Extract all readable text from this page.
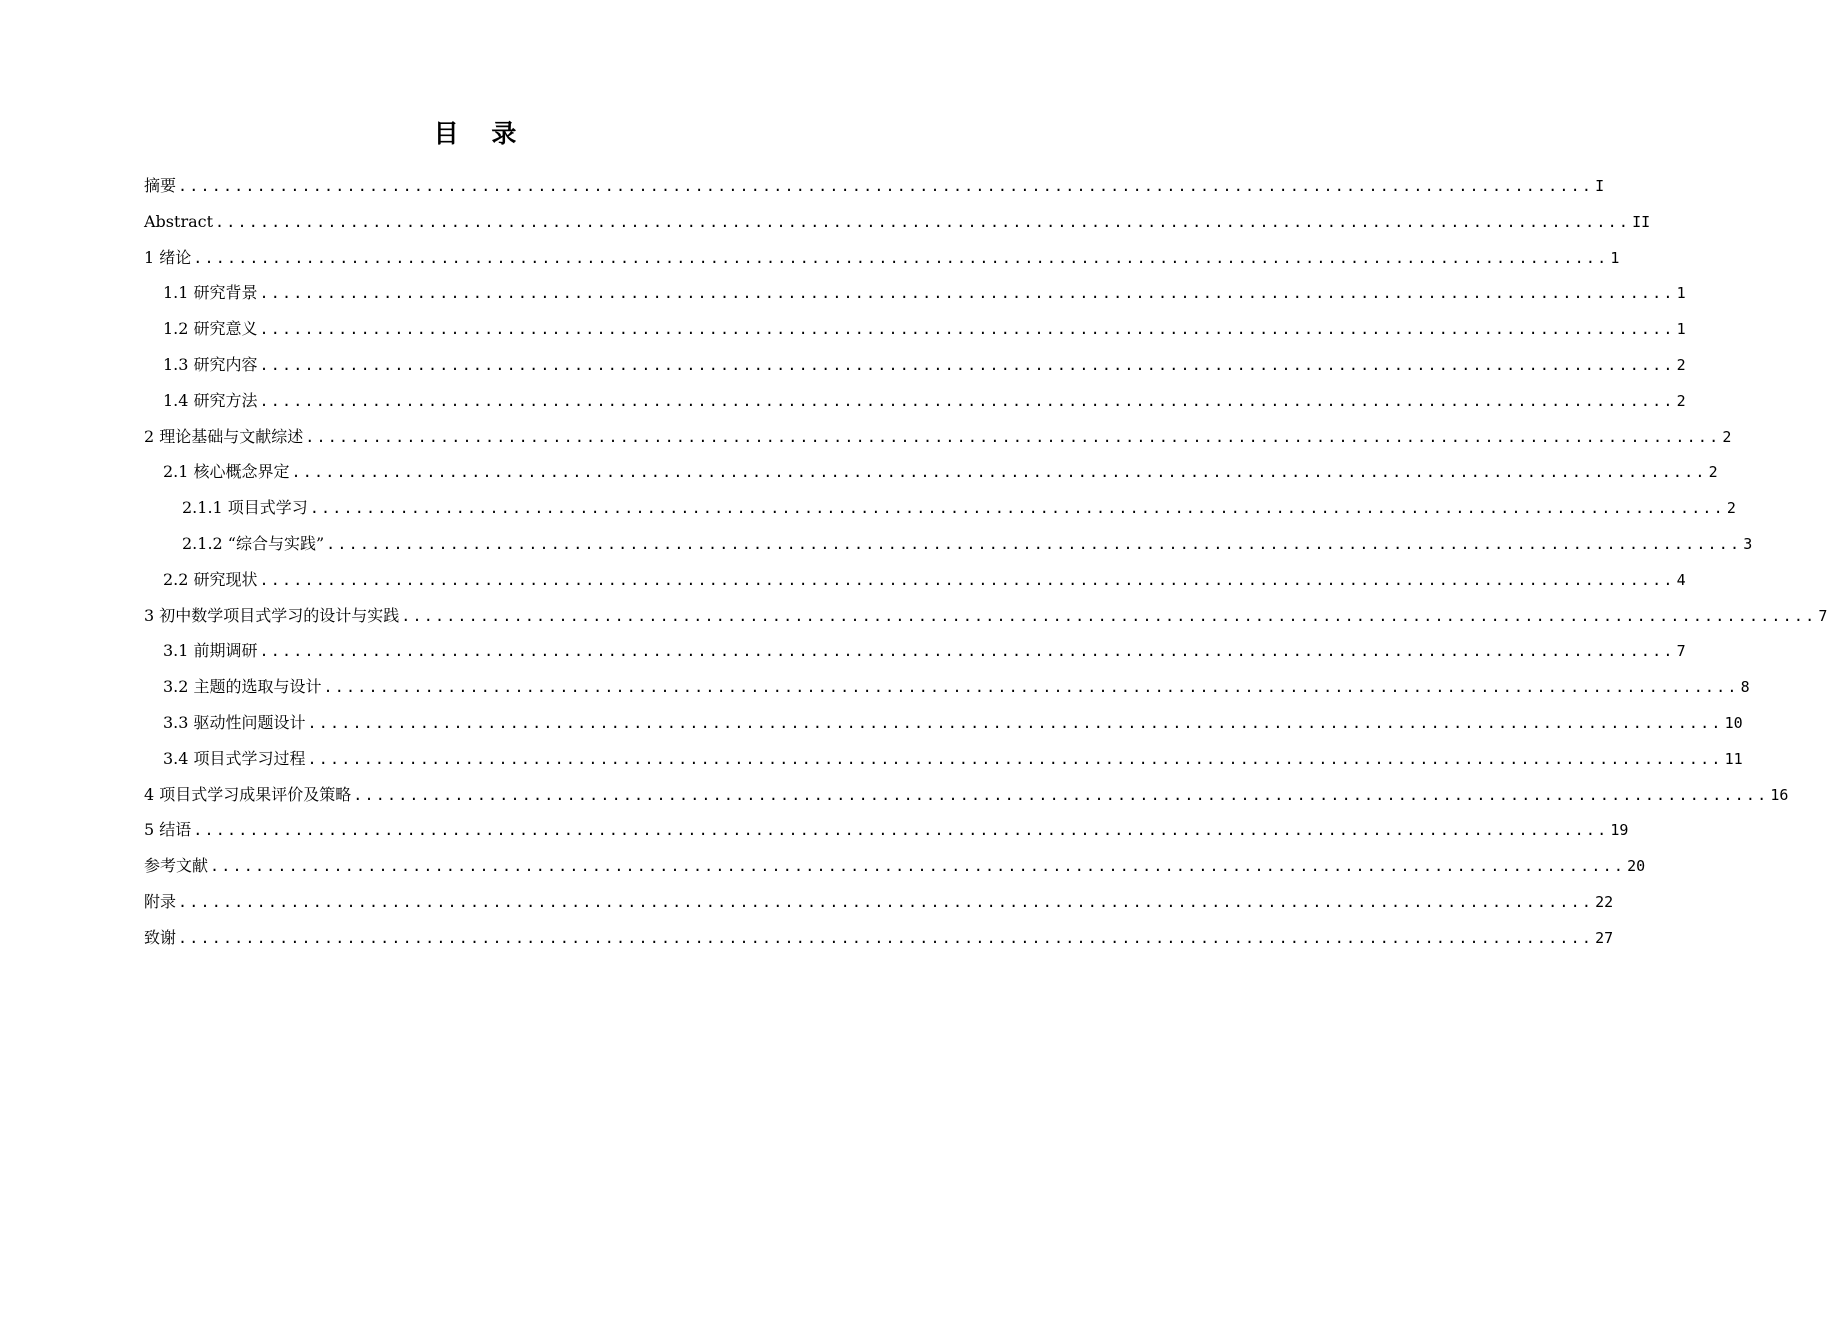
目 录
摘要 .............................................................................................................................. I
Abstract .............................................................................................................................. II
1 绪论 .............................................................................................................................. 1
1.1 研究背景 .............................................................................................................................. 1
1.2 研究意义 .............................................................................................................................. 1
1.3 研究内容 .............................................................................................................................. 2
1.4 研究方法 .............................................................................................................................. 2
2 理论基础与文献综述 .............................................................................................................................. 2
2.1 核心概念界定 .............................................................................................................................. 2
2.1.1 项目式学习 .............................................................................................................................. 2
2.1.2 “综合与实践” .............................................................................................................................. 3
2.2 研究现状 .............................................................................................................................. 4
3 初中数学项目式学习的设计与实践 .............................................................................................................................. 7
3.1 前期调研 .............................................................................................................................. 7
3.2 主题的选取与设计 .............................................................................................................................. 8
3.3 驱动性问题设计 .............................................................................................................................. 10
3.4 项目式学习过程 .............................................................................................................................. 11
4 项目式学习成果评价及策略 .............................................................................................................................. 16
5 结语 .............................................................................................................................. 19
参考文献 .............................................................................................................................. 20
附录 .............................................................................................................................. 22
致谢 .............................................................................................................................. 27
